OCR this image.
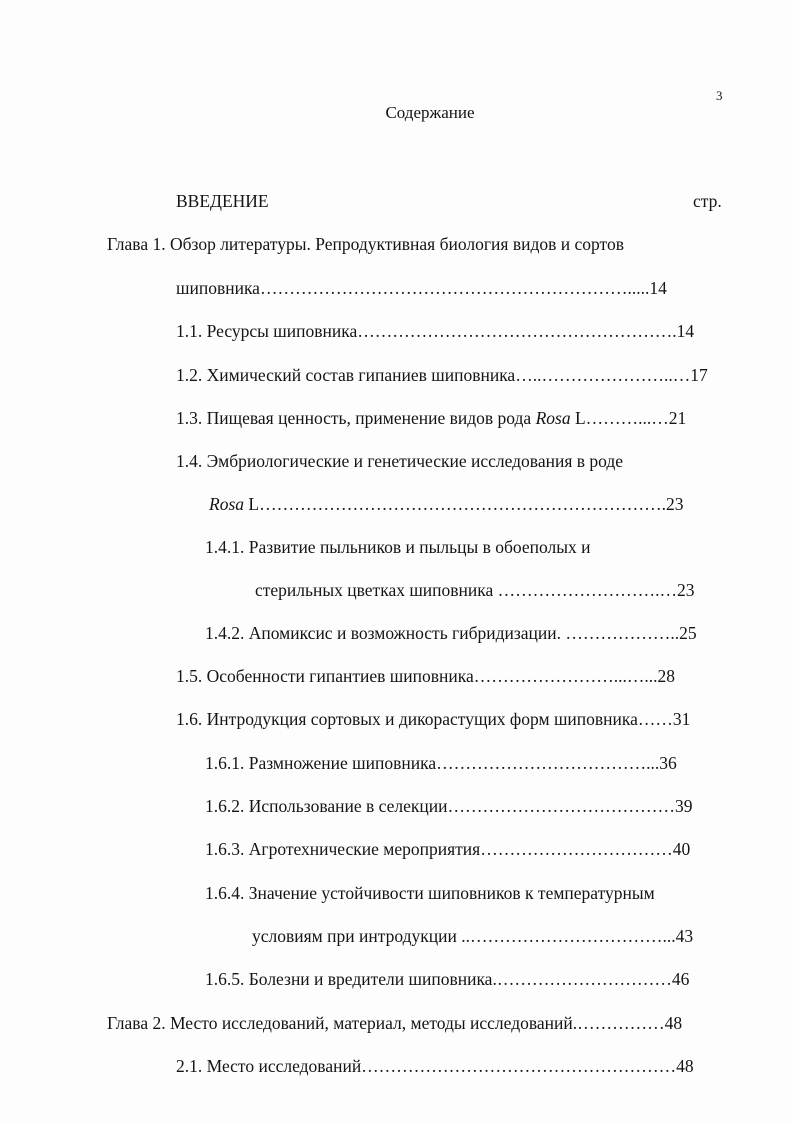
3
Содержание
ВВЕДЕНИЕ	стр.
Глава 1. Обзор литературы. Репродуктивная биология видов и сортов
шиповника……………………………………………………….....14
1.1. Ресурсы шиповника……………………………………………….14
1.2. Химический состав гипаниев шиповника…..…………………..…17
1.3. Пищевая ценность, применение видов рода Rosa L………...…21
1.4. Эмбриологические и генетические исследования в роде
Rosa L…………………………………………………………….23
1.4.1. Развитие пыльников и пыльцы в обоеполых и
стерильных цветках шиповника ……………………….…23
1.4.2. Апомиксис и возможность гибридизации. ………………..25
1.5. Особенности гипантиев шиповника……………………...…...28
1.6. Интродукция сортовых и дикорастущих форм шиповника……31
1.6.1. Размножение шиповника………………………………...36
1.6.2. Использование в селекции…………………………………39
1.6.3. Агротехнические мероприятия……………………………40
1.6.4. Значение устойчивости шиповников к температурным
условиям при интродукции ..……………………………...43
1.6.5. Болезни и вредители шиповника.…………………………46
Глава 2. Место исследований, материал, методы исследований.……………48
2.1. Место исследований………………………………………………48
